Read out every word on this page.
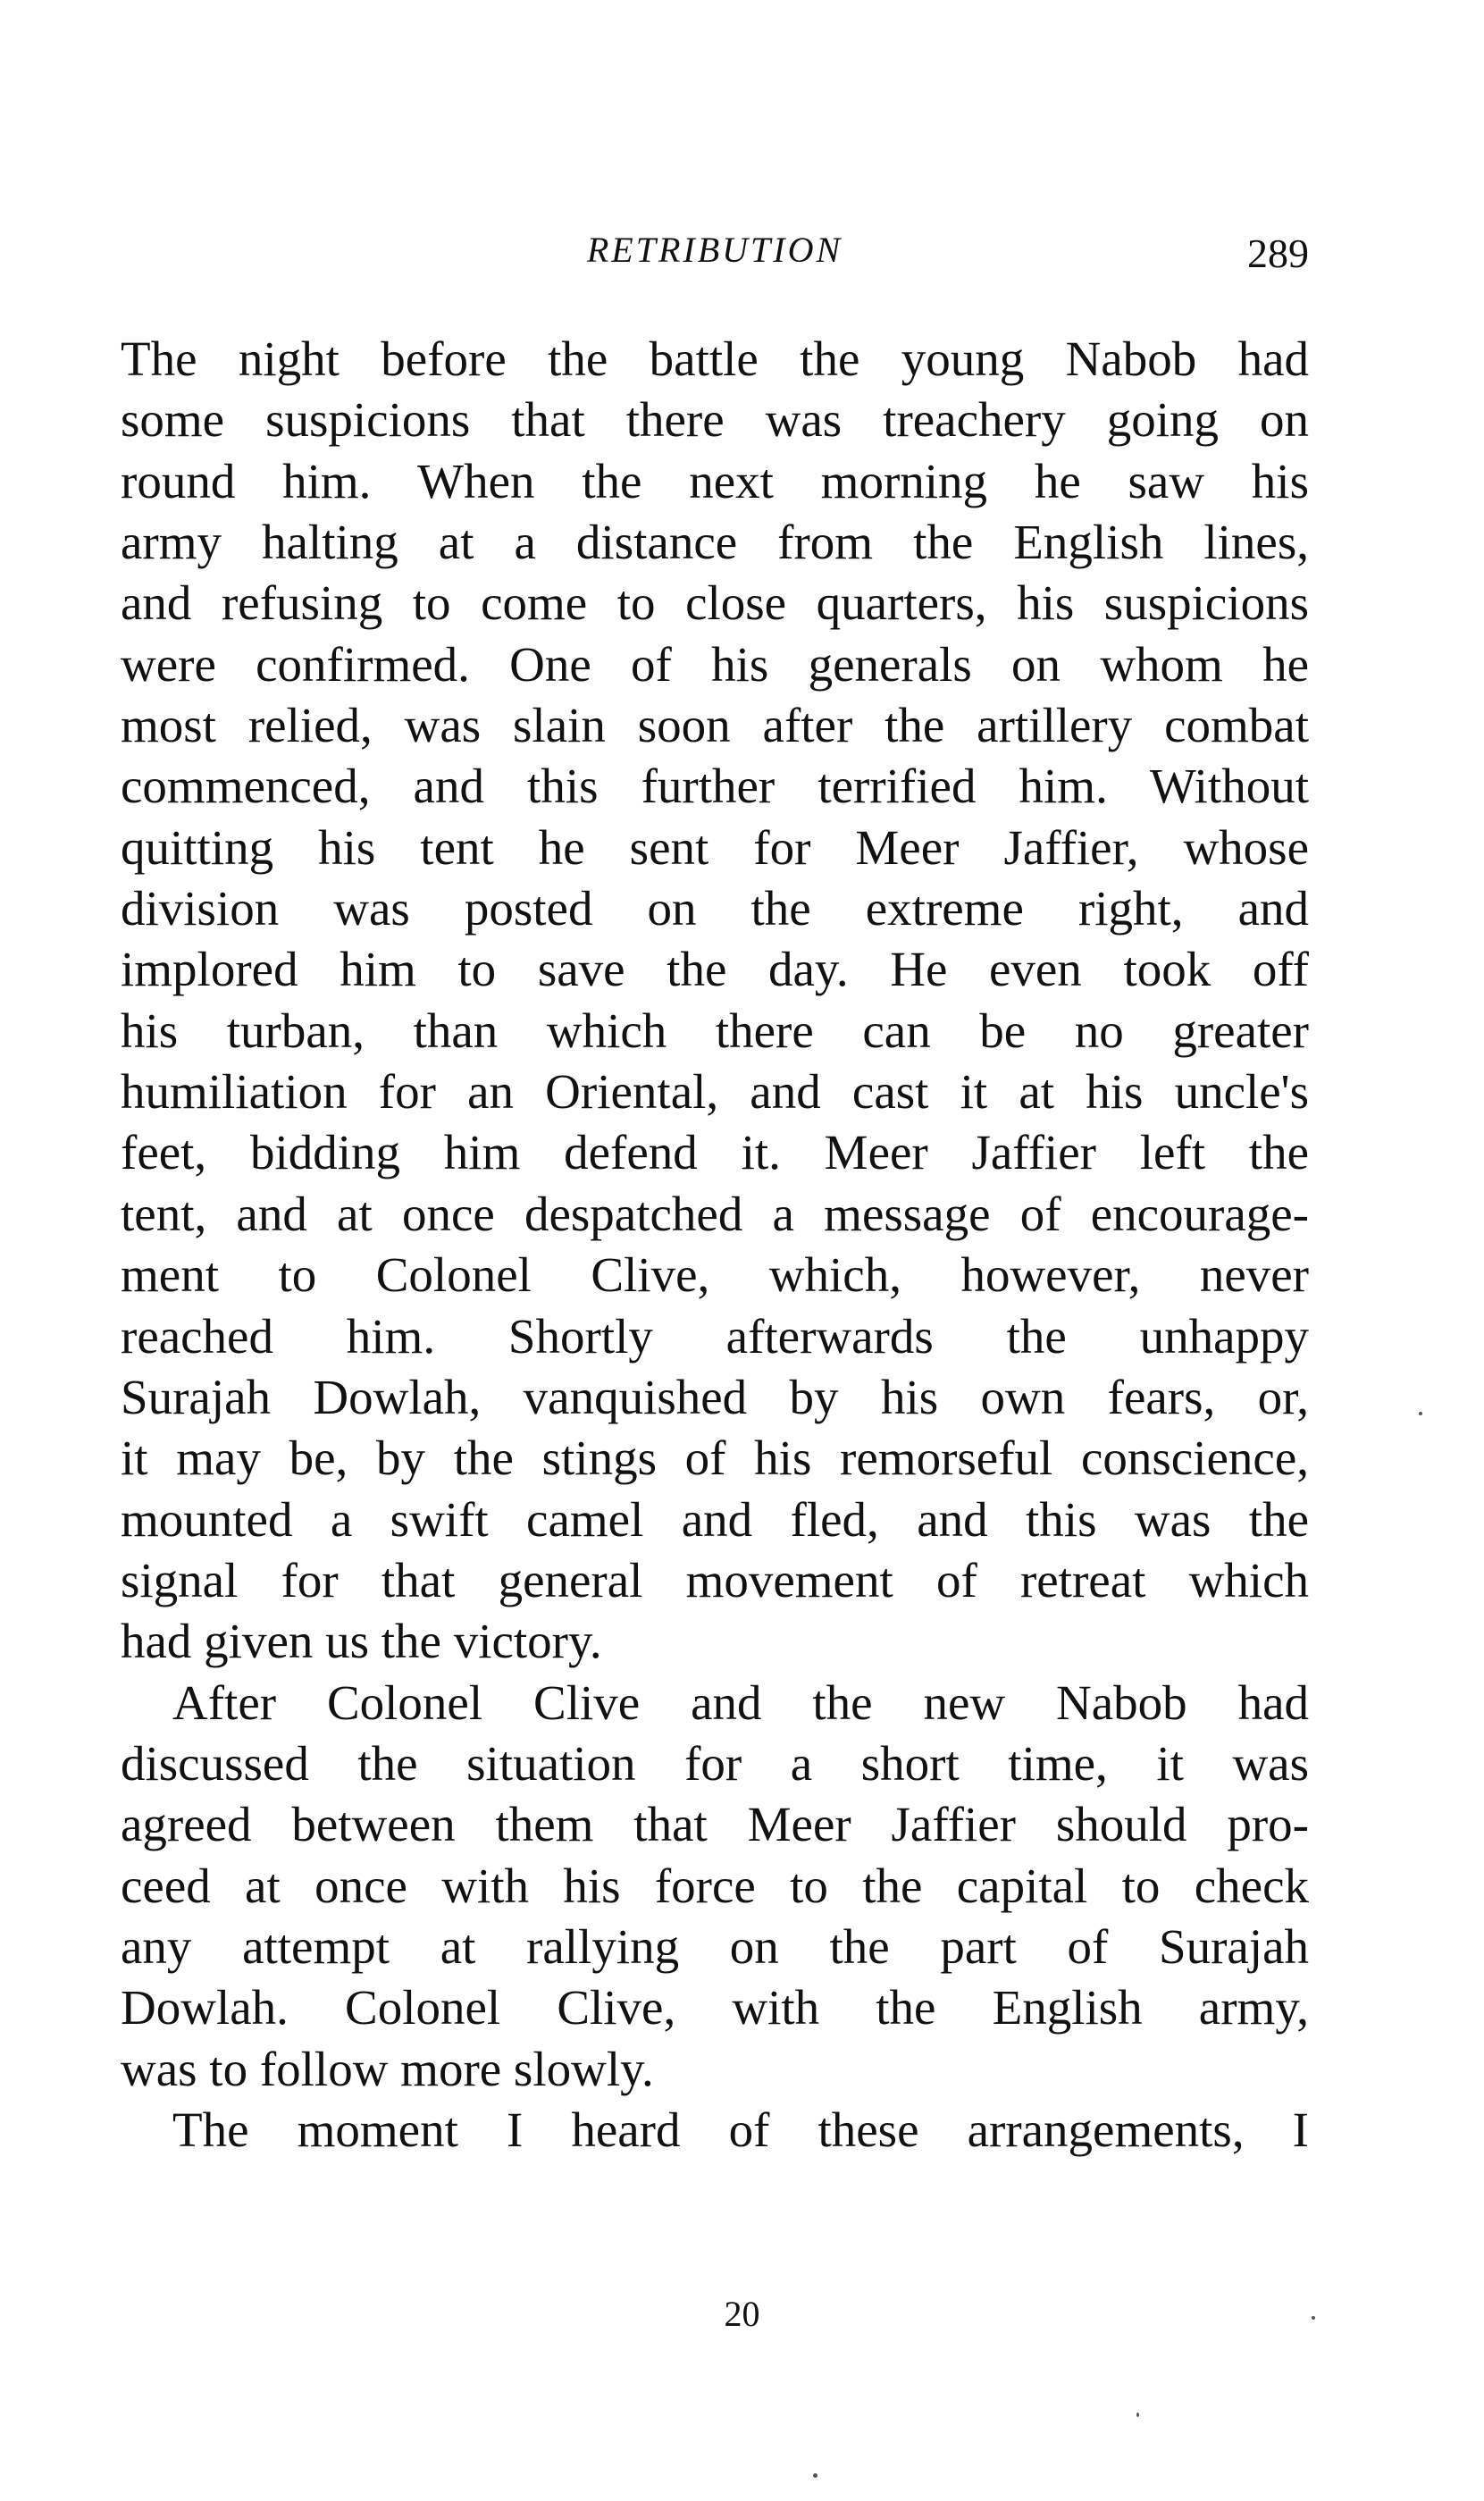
RETRIBUTION	289
The night before the battle the young Nabob had
some suspicions that there was treachery going on
round him. When the next morning he saw his
army halting at a distance from the English lines,
and refusing to come to close quarters, his suspicions
were confirmed. One of his generals on whom he
most relied, was slain soon after the artillery combat
commenced, and this further terrified him. Without
quitting his tent he sent for Meer Jaffier, whose
division was posted on the extreme right, and
implored him to save the day. He even took off
his turban, than which there can be no greater
humiliation for an Oriental, and cast it at his uncle's
feet, bidding him defend it. Meer Jaffier left the
tent, and at once despatched a message of encourage-
ment to Colonel Clive, which, however, never
reached him. Shortly afterwards the unhappy
Surajah Dowlah, vanquished by his own fears, or,
it may be, by the stings of his remorseful conscience,
mounted a swift camel and fled, and this was the
signal for that general movement of retreat which
had given us the victory.
After Colonel Clive and the new Nabob had
discussed the situation for a short time, it was
agreed between them that Meer Jaffier should pro-
ceed at once with his force to the capital to check
any attempt at rallying on the part of Surajah
Dowlah. Colonel Clive, with the English army,
was to follow more slowly.
The moment I heard of these arrangements, I
20
